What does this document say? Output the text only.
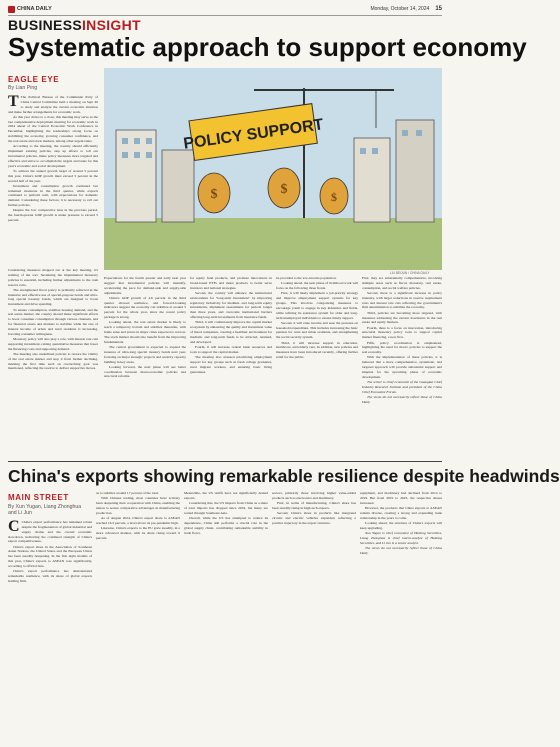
CHINA DAILY	Monday, October 14, 2024 15
BUSINESSINSIGHT
Systematic approach to support economy
EAGLE EYE
By Lian Ping
POLICY SUPPORT
$	$	$
LIU BEIJUN / CHINA DAILY

T The Political Bureau of the Communist Party of China Central Committee held a meeting on Sept 26 to study and analyze the current economic situation and make further arrangements for economic work.

As this year draws to a close, this meeting may serve as the last comprehensive deployment meeting for economic work in 2024 ahead of the Central Economic Work Conference in December, highlighting the leadership's strong focus on stabilizing the economy, growing consumer confidence, and the real estate and stock markets, among other urgent tasks.

According to the meeting, the country should efficiently implement existing policies, step up efforts to roll out incremental policies, make policy measures more targeted and effective and strive to accomplish the targets and tasks for this year's economic and social development.

To achieve the annual growth target of around 5 percent this year, China's GDP growth must exceed 5 percent in the second half of the year.

Investment and consumption growth continued but remained moderate in the third quarter, while exports continued to perform well, with expectations for domestic demand. Considering these factors, it is necessary to roll out further policies.

Despite the low comparative base in the previous period, the fourth-quarter GDP growth is under pressure to exceed 5 percent.

Considering measures mapped out at the key meeting, it's nothing of the sort. Sustaining the implemented monetary policies is essential, including further adjustments to the cash reserve ratio.

The strengthened fiscal policy is primarily reflected in the intensive and effective use of special-purpose bonds and ultra-long special treasury bonds, which are designed to boost investment and drive spending.

To ensure consumption, stabilize housing demand, and the real estate market, the country should make significant efforts to boost consumer consumption through various channels, and for financial assets and markets to stabilize while the rate of interest income of urban and rural residents is increasing, boosting consumer willingness.

Monetary policy will also play a role, with interest rate cuts supporting investment, raising quantitative measures that lower the financing costs and supporting demand.

The meeting also underlined policies to restore the vitality of the real estate market and stop it from further declining, marking the first time such an overarching goal was mentioned, reflecting the resolve to deliver supportive moves.

Expectations for the fourth quarter and early next year suggest that incremental policies will intensify, accelerating the pace for demand-side and supply-side adjustments.

China's GDP growth of 4.6 percent in the third quarter showed resilience, and forward-looking indicators suggest the economy can stabilize at around 5 percent for the whole year, since the recent policy package is strong.

Looking ahead, the real estate market is likely to reach a temporary bottom and stabilize thereafter, with home sales and prices in major cities expected to narrow. The stock market should also benefit from the improving fundamentals.

The central government is expected to expand the issuance of ultra-long special treasury bonds next year, focusing on major strategic projects and security capacity building in key areas.

Looking forward, the next phase will see better coordination between macroeconomic policies and structural reforms.

for equity fund products, and promote innovations in broad-based ETFs and index products to better serve investors and national strategies.

Second, the country will enhance the institutional environment for "long-term investment" by improving regulatory inclusivity for medium- and long-term equity investments, implement assessments for periods longer than three years, and overcome institutional barriers affecting long-term investments from insurance funds.

Third, it will continuously improve the capital market ecosystem by enhancing the quality and investment value of listed companies, creating a healthier environment for medium- and long-term funds to be attracted, retained, and developed.

Fourth, it will increase central bank resources and tools to support the capital market.

The meeting also stressed prioritizing employment support for key groups such as fresh college graduates, rural migrant workers, and ensuring basic living guarantees.

be provided to the low-income population.

Looking ahead, the next phase of livelihood work will focus on the following three fronts.

First, it will likely implement a job-priority strategy and improve employment support systems for key groups. This involves categorizing measures to encourage youth to engage in key industries and fields, while refining its assistance system for older and long-term unemployed individuals to ensure timely support.

Second, it will raise income and ease the pressure on household expenditure. This includes increasing the basic pension for rural and urban residents, and strengthening the social security system.

Third, it will increase support in education, healthcare, and elderly care. In addition, new policies and measures have been introduced recently, offering further relief for the public.

First, they are substantially comprehensive, involving multiple areas such as fiscal, monetary, real estate, consumption, and social welfare policies.

Second, there is a significant increase in policy intensity, with larger reductions in reserve requirement ratio and interest rate cuts reflecting the government's firm determination to stabilize the economy.

Third, policies are becoming more targeted, with measures addressing the current downturns in the real estate and equity markets.

Fourth, there is a focus on innovation, introducing structural monetary policy tools to support capital market financing, a new first.

Fifth, policy coordination is emphasized, highlighting the need for macro policies to support the real economy.

With the implementation of these policies, it is believed that a more comprehensive, systematic, and targeted approach will provide substantial support and impetus for the upcoming phase of economic development.

The writer is chief economist of the Guangkai Chief Industry Research Institute and president of the China Chief Economist Forum.

The views do not necessarily reflect those of China Daily.

China's exports showing remarkable resilience despite headwinds
MAIN STREET
By Xun Yugan, Liang Zhonghua and Li Jun

C China's export performance has remained robust despite the fragmentation of global industrial and supply chains and the overall economic slowdown, indicating the continued strength of China's export competitiveness.

China's export share in the Association of Southeast Asian Nations, the United States and the European Union has been steadily deepening. In the first eight months of this year, China's exports to ASEAN rose significantly, according to official data.

China's export performance has demonstrated remarkable resilience, with its share of global exports holding firm.

as to stabilize around 17 percent of the total.

With Chinese trading, most countries have actively been deepening their cooperation with China, enabling the nation to secure comparative advantages in manufacturing production.

As of August 2024, China's export share to ASEAN reached 16.5 percent, a level above its pre-pandemic high.

Likewise, China's exports to the EU grew steadily, in a more advanced manner, with its share rising toward 6 percent.

Meanwhile, the US tariffs have not significantly dented exports.

Considering this, the US imports from China as a share of total imports has dropped since 2019, but many are routed through Southeast Asia.

Overall, while the US has attempted to reduce its dependence, China still performs a crucial role in the global supply chain, contributing remarkable stability in trade flows.

sectors, primarily those involving higher value-added products such as electronics and machinery.

First, in terms of manufacturing, China's share has been steadily rising in high-tech exports.

Second, China's share in products like integrated circuits and electric vehicles expanded, reflecting a positive trajectory in the export structure.

equipment, and machinery had declined from 2014 to 2019. But from 2019 to 2023, the respective shares increased.

However, the products that China exports to ASEAN remain diverse, creating a strong and expanding trade relationship in the years to come.

Looking ahead, the structure of China's exports will keep upgrading.

Xun Yugan is chief economist of Haitong Securities, Liang Zhonghua is chief macro-analyst of Haitong Securities, and Li Jun is a senior analyst.

The views do not necessarily reflect those of China Daily.
